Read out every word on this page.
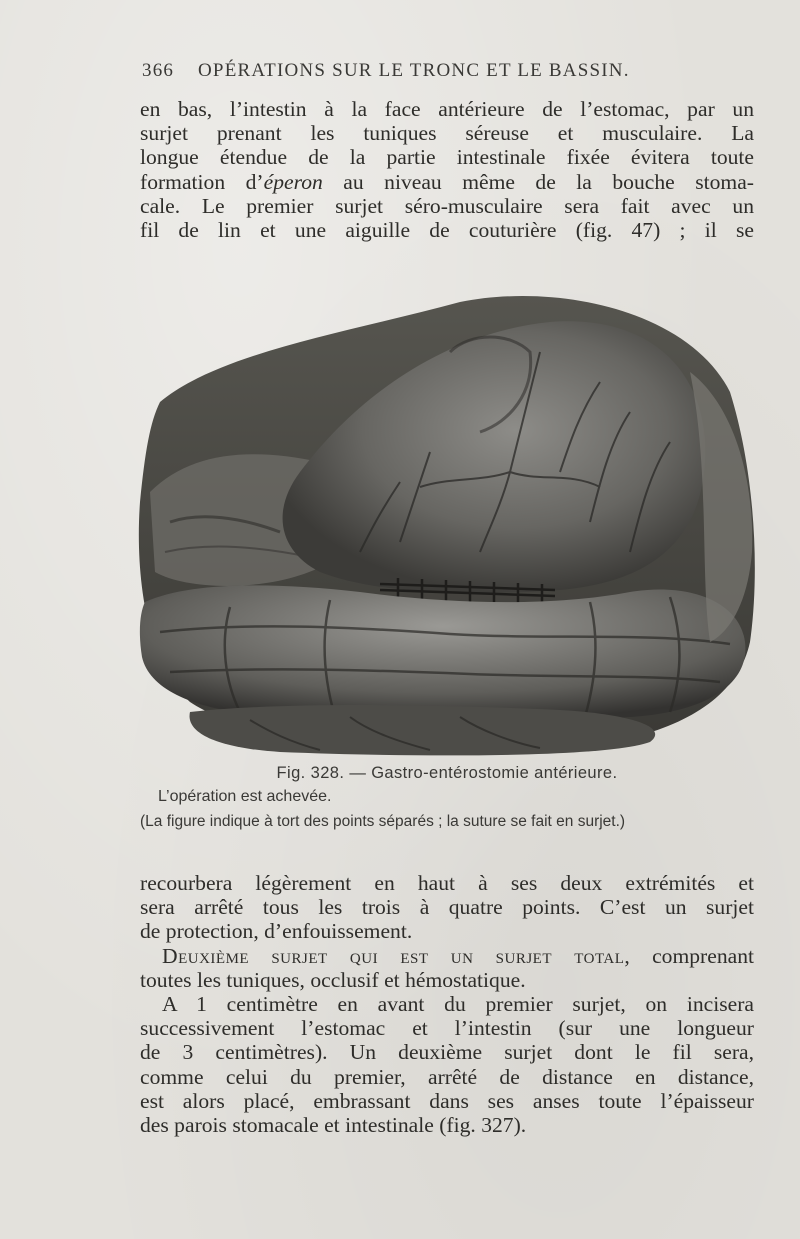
366	OPÉRATIONS SUR LE TRONC ET LE BASSIN.

en bas, l’intestin à la face antérieure de l’estomac, par un

surjet prenant les tuniques séreuse et musculaire. La

longue étendue de la partie intestinale fixée évitera toute

formation d’éperon au niveau même de la bouche stoma-

cale. Le premier surjet séro-musculaire sera fait avec un

fil de lin et une aiguille de couturière (fig. 47) ; il se

Fig. 328. — Gastro-entérostomie antérieure.
L’opération est achevée.
(La figure indique à tort des points séparés ; la suture se fait en surjet.)

recourbera légèrement en haut à ses deux extrémités et

sera arrêté tous les trois à quatre points. C’est un surjet

de protection, d’enfouissement.

Deuxième surjet qui est un surjet total, comprenant

toutes les tuniques, occlusif et hémostatique.

A 1 centimètre en avant du premier surjet, on incisera

successivement l’estomac et l’intestin (sur une longueur

de 3 centimètres). Un deuxième surjet dont le fil sera,

comme celui du premier, arrêté de distance en distance,

est alors placé, embrassant dans ses anses toute l’épaisseur

des parois stomacale et intestinale (fig. 327).
